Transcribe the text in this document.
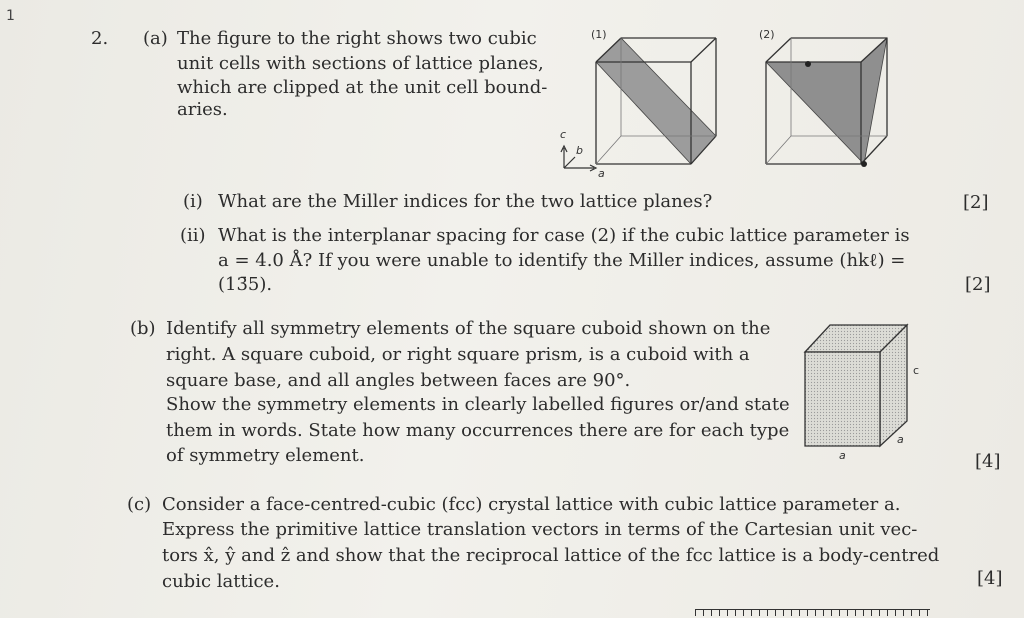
1
2. (a) The figure to the right shows two cubic
unit cells with sections of lattice planes,
which are clipped at the unit cell bound-
aries.
(1)	(2)
c
b
a
(i) What are the Miller indices for the two lattice planes?	[2]
(ii) What is the interplanar spacing for case (2) if the cubic lattice parameter is
a = 4.0 Å? If you were unable to identify the Miller indices, assume (hkℓ) =
(13̄5).	[2]
(b) Identify all symmetry elements of the square cuboid shown on the
right. A square cuboid, or right square prism, is a cuboid with a
square base, and all angles between faces are 90°.
Show the symmetry elements in clearly labelled figures or/and state
them in words. State how many occurrences there are for each type
of symmetry element.	[4]
c
a
a
(c) Consider a face-centred-cubic (fcc) crystal lattice with cubic lattice parameter a.
Express the primitive lattice translation vectors in terms of the Cartesian unit vec-
tors x̂, ŷ and ẑ and show that the reciprocal lattice of the fcc lattice is a body-centred
cubic lattice.	[4]
